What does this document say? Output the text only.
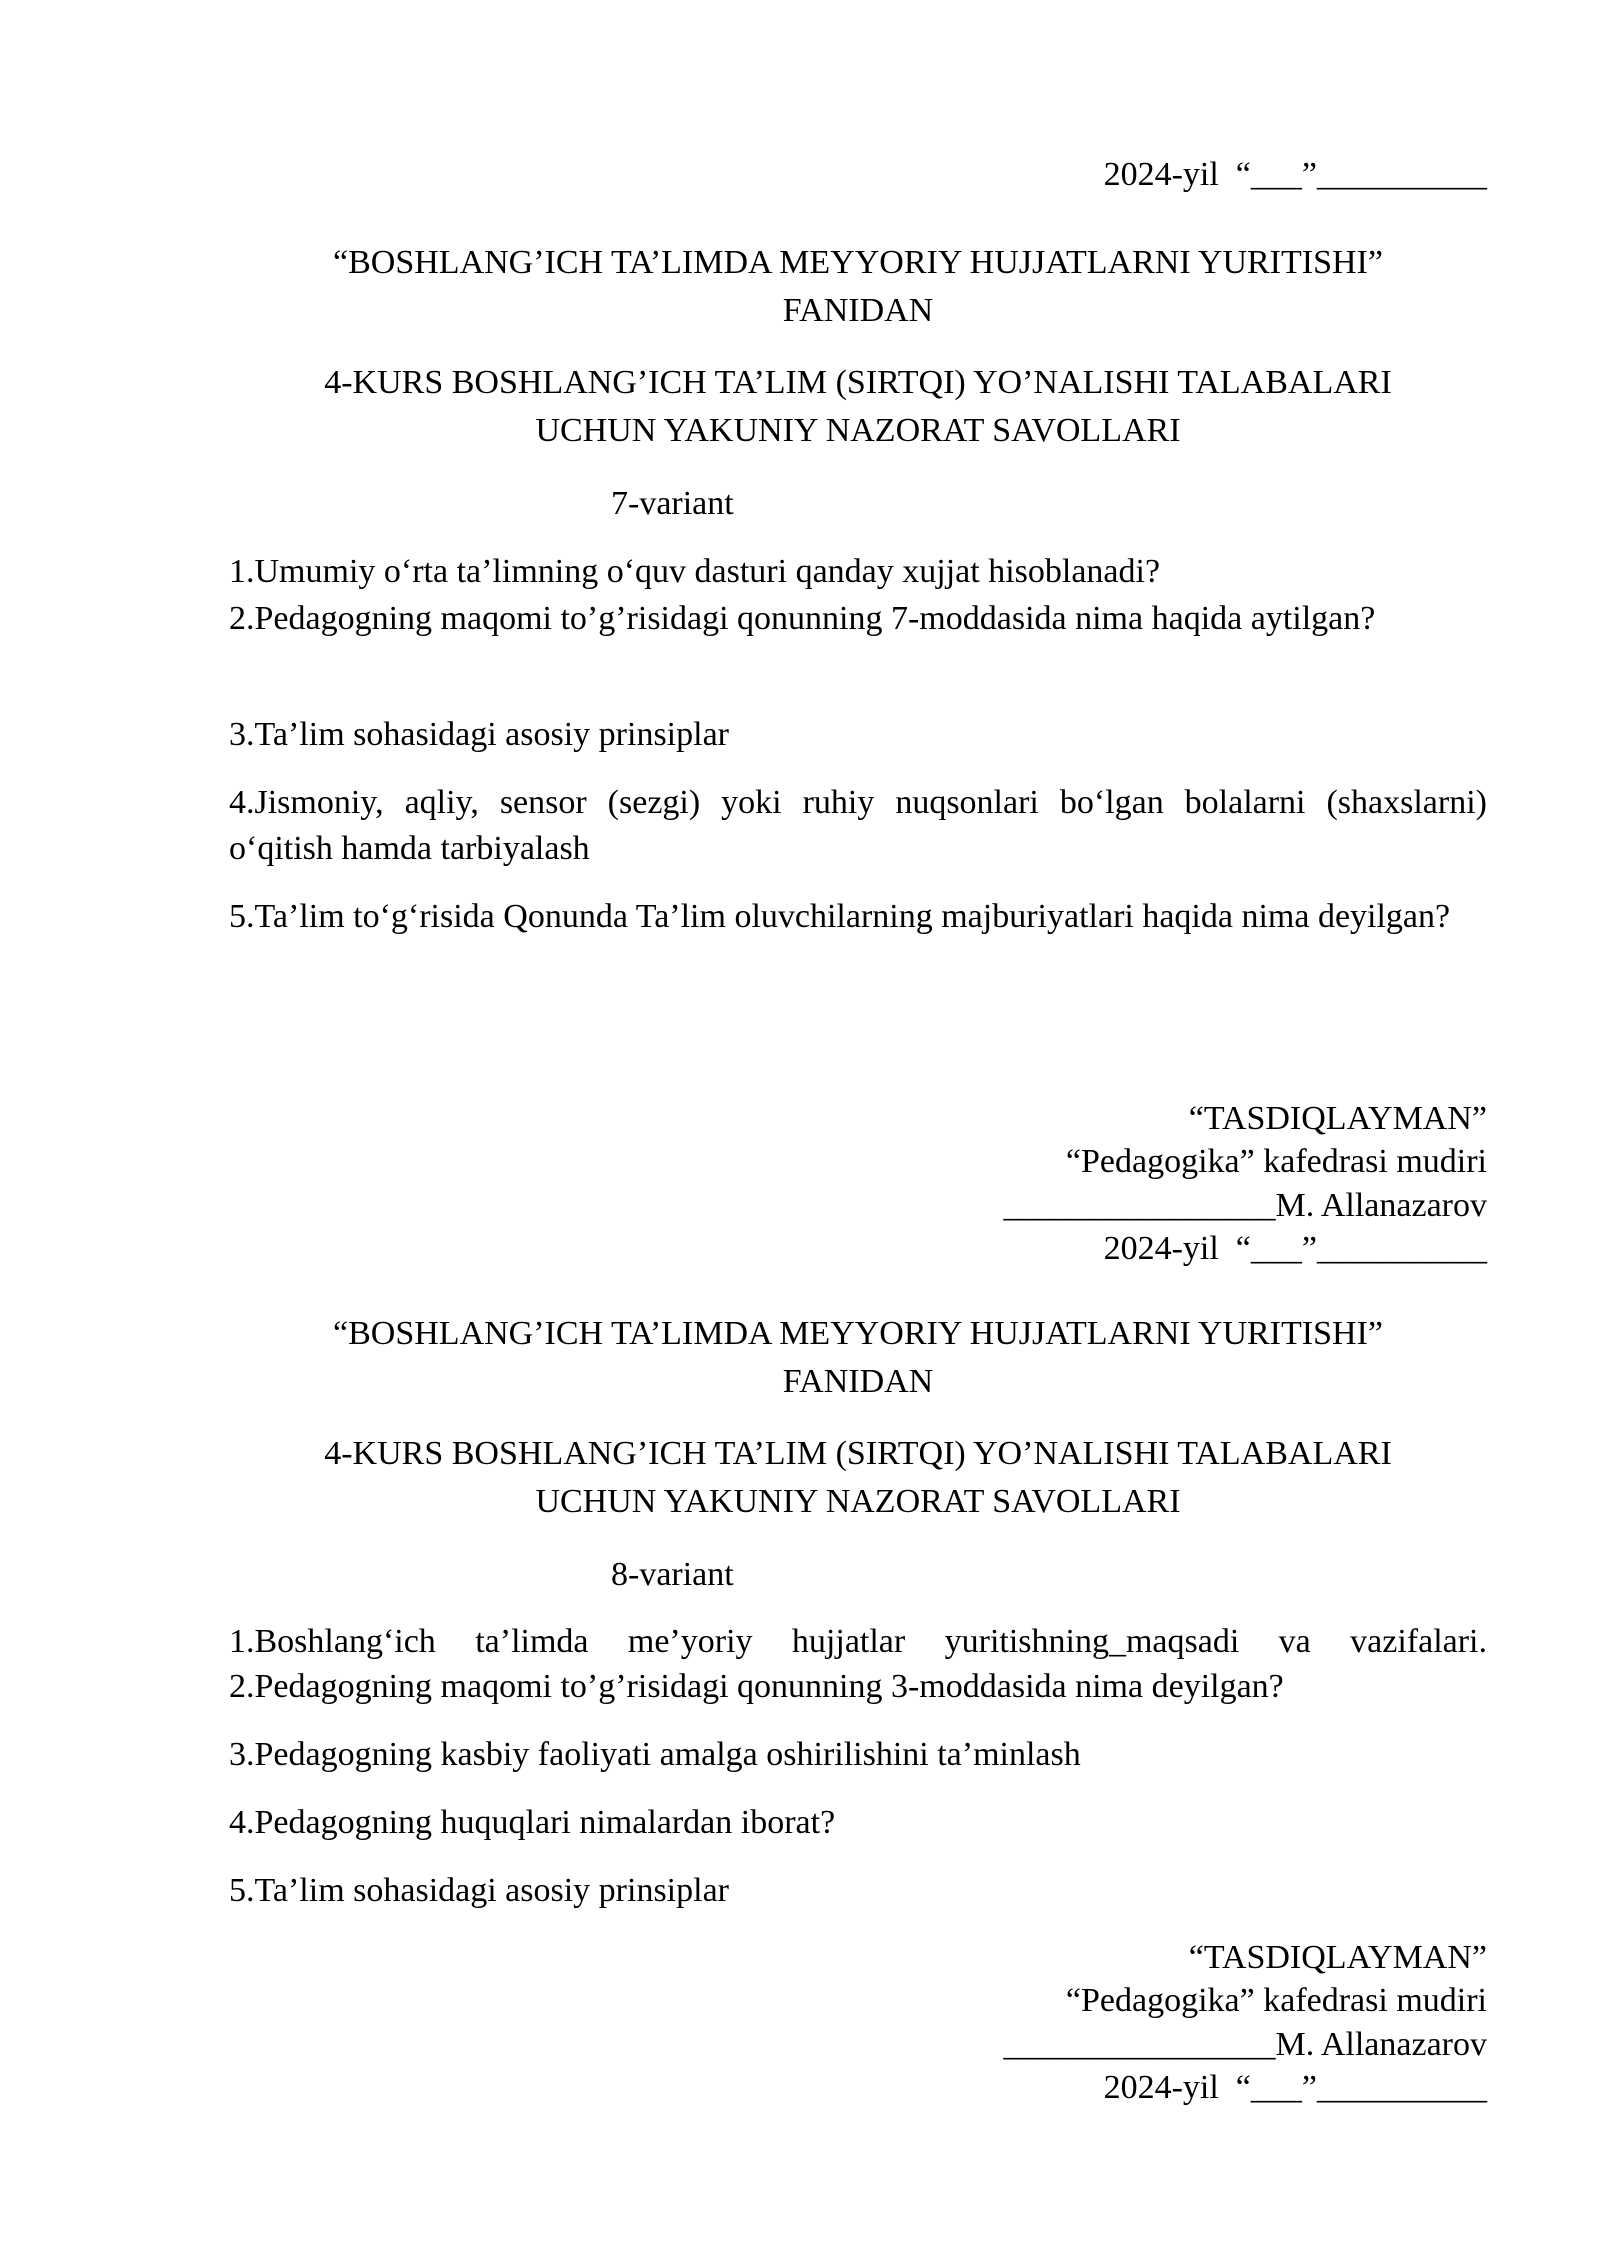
2024-yil  “___”__________
“BOSHLANG’ICH TA’LIMDA MEYYORIY HUJJATLARNI YURITISHI”
FANIDAN
4-KURS BOSHLANG’ICH TA’LIM (SIRTQI) YO’NALISHI TALABALARI
UCHUN YAKUNIY NAZORAT SAVOLLARI
7-variant
1.Umumiy o‘rta ta’limning o‘quv dasturi qanday xujjat hisoblanadi?
2.Pedagogning maqomi to’g’risidagi qonunning 7-moddasida nima haqida aytilgan?
3.Ta’lim sohasidagi asosiy prinsiplar
4.Jismoniy, aqliy, sensor (sezgi) yoki ruhiy nuqsonlari bo‘lgan bolalarni (shaxslarni) o‘qitish hamda tarbiyalash
5.Ta’lim to‘g‘risida Qonunda Ta’lim oluvchilarning majburiyatlari haqida nima deyilgan?
“TASDIQLAYMAN”
“Pedagogika” kafedrasi mudiri
________________M. Allanazarov
2024-yil  “___”__________
“BOSHLANG’ICH TA’LIMDA MEYYORIY HUJJATLARNI YURITISHI”
FANIDAN
4-KURS BOSHLANG’ICH TA’LIM (SIRTQI) YO’NALISHI TALABALARI
UCHUN YAKUNIY NAZORAT SAVOLLARI
8-variant
1.Boshlang‘ich ta’limda me’yoriy hujjatlar yuritishning_maqsadi va vazifalari.
2.Pedagogning maqomi to’g’risidagi qonunning 3-moddasida nima deyilgan?
3.Pedagogning kasbiy faoliyati amalga oshirilishini ta’minlash
4.Pedagogning huquqlari nimalardan iborat?
5.Ta’lim sohasidagi asosiy prinsiplar
“TASDIQLAYMAN”
“Pedagogika” kafedrasi mudiri
________________M. Allanazarov
2024-yil  “___”__________
